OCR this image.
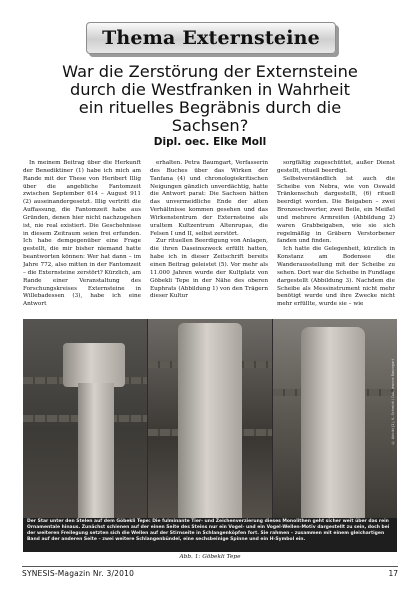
Thema Externsteine
War die Zerstörung der Externsteine
durch die Westfranken in Wahrheit
ein rituelles Begräbnis durch die
Sachsen?
Dipl. oec. Elke Moll

In meinem Beitrag über die Herkunft der Benediktiner (1) habe ich mich am Rande mit der These von Heribert Illig über die angebliche Fantomzeit zwischen September 614 – August 911 (2) auseinandergesetzt. Illig vertritt die Auffassung, die Fantomzeit habe aus Gründen, denen hier nicht nachzugehen ist, nie real existiert. Die Geschehnisse in diesem Zeitraum seien frei erfunden. Ich habe demgegenüber eine Frage gestellt, die mir bisher niemand hatte beantworten können: Wer hat dann – im Jahre 772, also mitten in der Fantomzeit – die Externsteine zerstört? Kürzlich, am Rande einer Veranstaltung des Forschungskreises Externsteine in Willebadessen (3), habe ich eine Antwort

erhalten. Petra Baumgart, Verfasserin des Buches über das Wirken der Tanfana (4) und chronologiekritischen Neigungen gänzlich unverdächtig, hatte die Antwort parat: Die Sachsen hätten das unvermeidliche Ende der alten Verhältnisse kommen gesehen und das Wirkenstentrum der Externsteine als uraltem Kultzentrum Altenrupas, die Felsen I und II, selbst zerstört.

Zur rituellen Beerdigung von Anlagen, die ihren Daseinszweck erfüllt hatten, habe ich in dieser Zeitschrift bereits einen Beitrag geleistet (5). Vor mehr als 11.000 Jahren wurde der Kultplatz von Göbekli Tepe in der Nähe des oberen Euphrats (Abbildung 1) von den Trägern dieser Kultur

sorgfältig zugeschüttet, außer Dienst gestellt, rituell beerdigt.

Selbstverständlich ist auch die Scheibe von Nebra, wie von Oswald Tränkenschuh dargestellt, (6) rituell beerdigt worden. Die Beigaben – zwei Bronzeschwerter, zwei Beile, ein Meißel und mehrere Armreifen (Abbildung 2) waren Grabbeigaben, wie sie sich regelmäßig in Gräbern Verstorbener fanden und finden.

Ich hatte die Gelegenheit, kürzlich in Konstanz am Bodensee die Wanderausstellung mit der Scheibe zu sehen. Dort war die Scheibe in Fundlage dargestellt (Abbildung 3). Nachdem die Scheibe als Messinstrument nicht mehr benötigt wurde und ihre Zwecke nicht mehr erfüllte, wurde sie – wie

© Abbild (1), K. Schmidt / DAI, Jeanne Baumgart
Der Star unter den Stelen auf dem Göbekli Tepe: Die fulminante Tier- und Zeichenverzierung dieses Monolithen geht sicher weit über das rein Ornamentale hinaus. Zunächst schienen auf der einen Seite des Steins nur ein Vogel- und ein Vogel-Wellen-Motiv dargestellt zu sein, doch bei der weiteren Freilegung setzten sich die Wellen auf der Stirnseite in Schlangenköpfen fort. Sie rahmen – zusammen mit einem gleichartigen Band auf der anderen Seite – zwei weitere Schlangenbündel, eine sechsbeinige Spinne und ein H-Symbol ein.
Abb. 1: Göbekli Tepe
SYNESIS-Magazin Nr. 3/2010	17
